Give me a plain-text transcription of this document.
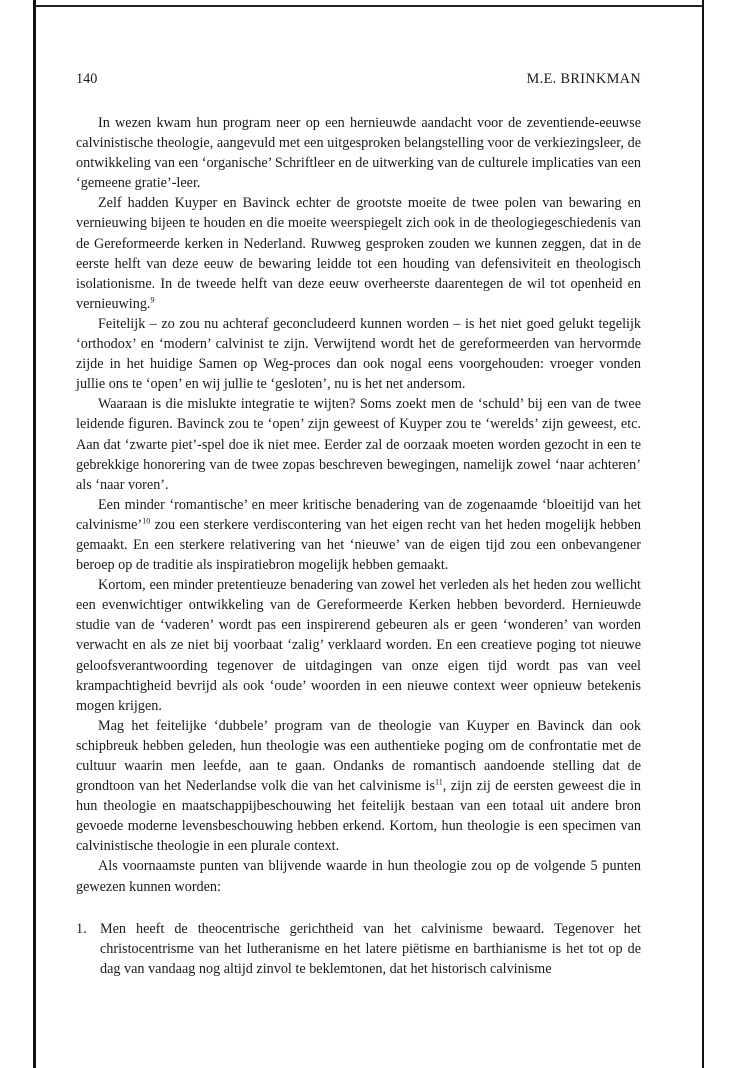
140	M.E. BRINKMAN

In wezen kwam hun program neer op een hernieuwde aandacht voor de zeventiende-eeuwse calvinistische theologie, aangevuld met een uitgesproken belangstelling voor de verkiezingsleer, de ontwikkeling van een ‘organische’ Schriftleer en de uitwerking van de culturele implicaties van een ‘gemeene gratie’-leer.

Zelf hadden Kuyper en Bavinck echter de grootste moeite de twee polen van bewaring en vernieuwing bijeen te houden en die moeite weerspiegelt zich ook in de theologiegeschiedenis van de Gereformeerde kerken in Nederland. Ruwweg gesproken zouden we kunnen zeggen, dat in de eerste helft van deze eeuw de bewaring leidde tot een houding van defensiviteit en theologisch isolationisme. In de tweede helft van deze eeuw overheerste daarentegen de wil tot openheid en vernieuwing.$^9$

Feitelijk – zo zou nu achteraf geconcludeerd kunnen worden – is het niet goed gelukt tegelijk ‘orthodox’ en ‘modern’ calvinist te zijn. Verwijtend wordt het de gereformeerden van hervormde zijde in het huidige Samen op Weg-proces dan ook nogal eens voorgehouden: vroeger vonden jullie ons te ‘open’ en wij jullie te ‘gesloten’, nu is het net andersom.

Waaraan is die mislukte integratie te wijten? Soms zoekt men de ‘schuld’ bij een van de twee leidende figuren. Bavinck zou te ‘open’ zijn geweest of Kuyper zou te ‘werelds’ zijn geweest, etc. Aan dat ‘zwarte piet’-spel doe ik niet mee. Eerder zal de oorzaak moeten worden gezocht in een te gebrekkige honorering van de twee zopas beschreven bewegingen, namelijk zowel ‘naar achteren’ als ‘naar voren’.

Een minder ‘romantische’ en meer kritische benadering van de zogenaamde ‘bloeitijd van het calvinisme’$^{10}$ zou een sterkere verdiscontering van het eigen recht van het heden mogelijk hebben gemaakt. En een sterkere relativering van het ‘nieuwe’ van de eigen tijd zou een onbevangener beroep op de traditie als inspiratiebron mogelijk hebben gemaakt.

Kortom, een minder pretentieuze benadering van zowel het verleden als het heden zou wellicht een evenwichtiger ontwikkeling van de Gereformeerde Kerken hebben bevorderd. Hernieuwde studie van de ‘vaderen’ wordt pas een inspirerend gebeuren als er geen ‘wonderen’ van worden verwacht en als ze niet bij voorbaat ‘zalig’ verklaard worden. En een creatieve poging tot nieuwe geloofsverantwoording tegenover de uitdagingen van onze eigen tijd wordt pas van veel krampachtigheid bevrijd als ook ‘oude’ woorden in een nieuwe context weer opnieuw betekenis mogen krijgen.

Mag het feitelijke ‘dubbele’ program van de theologie van Kuyper en Bavinck dan ook schipbreuk hebben geleden, hun theologie was een authentieke poging om de confrontatie met de cultuur waarin men leefde, aan te gaan. Ondanks de romantisch aandoende stelling dat de grondtoon van het Nederlandse volk die van het calvinisme $is^{11}$, zijn zij de eersten geweest die in hun theologie en maatschappijbeschouwing het feitelijk bestaan van een totaal uit andere bron gevoede moderne levensbeschouwing hebben erkend. Kortom, hun theologie is een specimen van calvinistische theologie in een plurale context.

Als voornaamste punten van blijvende waarde in hun theologie zou op de volgende 5 punten gewezen kunnen worden:

1. Men heeft de theocentrische gerichtheid van het calvinisme bewaard. Tegenover het christocentrisme van het lutheranisme en het latere piëtisme en barthianisme is het tot op de dag van vandaag nog altijd zinvol te beklemtonen, dat het historisch calvinisme
